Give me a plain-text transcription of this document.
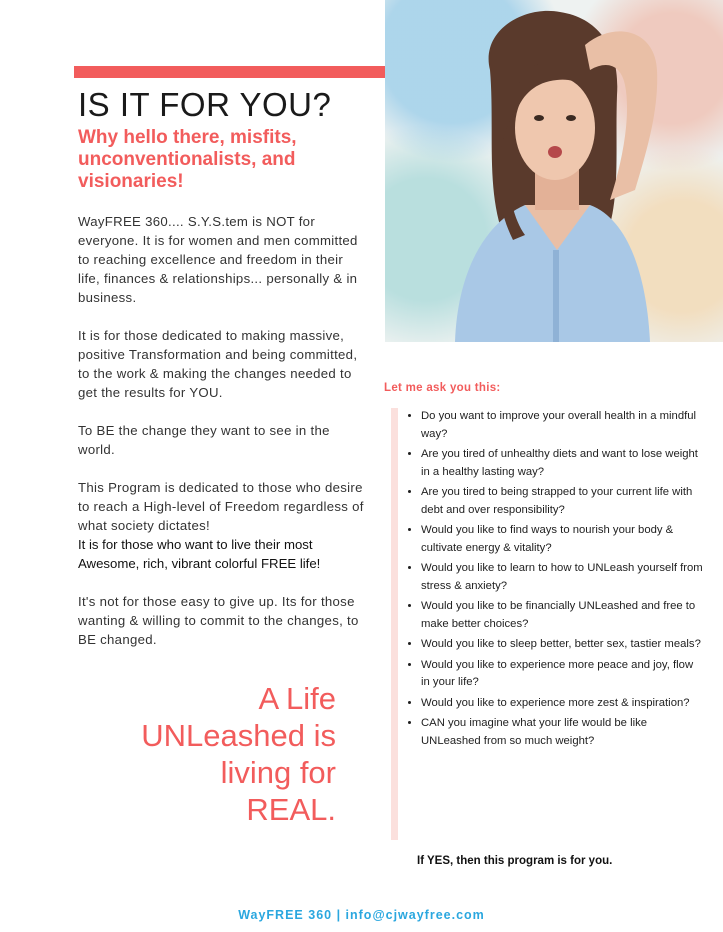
IS IT FOR YOU?
Why hello there, misfits, unconventionalists, and visionaries!

WayFREE 360.... S.Y.S.tem is NOT for everyone. It is for women and men committed to reaching excellence and freedom in their life, finances & relationships... personally & in business.

It is for those dedicated to making massive, positive Transformation and being committed, to the work & making the changes needed to get the results for YOU.

To BE the change they want to see in the world.

This Program is dedicated to those who desire to reach a High-level of Freedom regardless of what society dictates!

It is for those who want to live their most Awesome, rich, vibrant colorful FREE life!

It's not for those easy to give up. Its for those wanting & willing to commit to the changes, to BE changed.

A Life
UNLeashed is
living for
REAL.
Let me ask you this:
• Do you want to improve your overall health in a mindful way?
• Are you tired of unhealthy diets and want to lose weight in a healthy lasting way?
• Are you tired to being strapped to your current life with debt and over responsibility?
• Would you like to find ways to nourish your body & cultivate energy & vitality?
• Would you like to learn to how to UNLeash yourself from stress & anxiety?
• Would you like to be financially UNLeashed and free to make better choices?
• Would you like to sleep better, better sex, tastier meals?
• Would you like to experience more peace and joy, flow in your life?
• Would you like to experience more zest & inspiration?
• CAN you imagine what your life would be like UNLeashed from so much weight?
If YES, then this program is for you.
WayFREE 360 | info@cjwayfree.com
